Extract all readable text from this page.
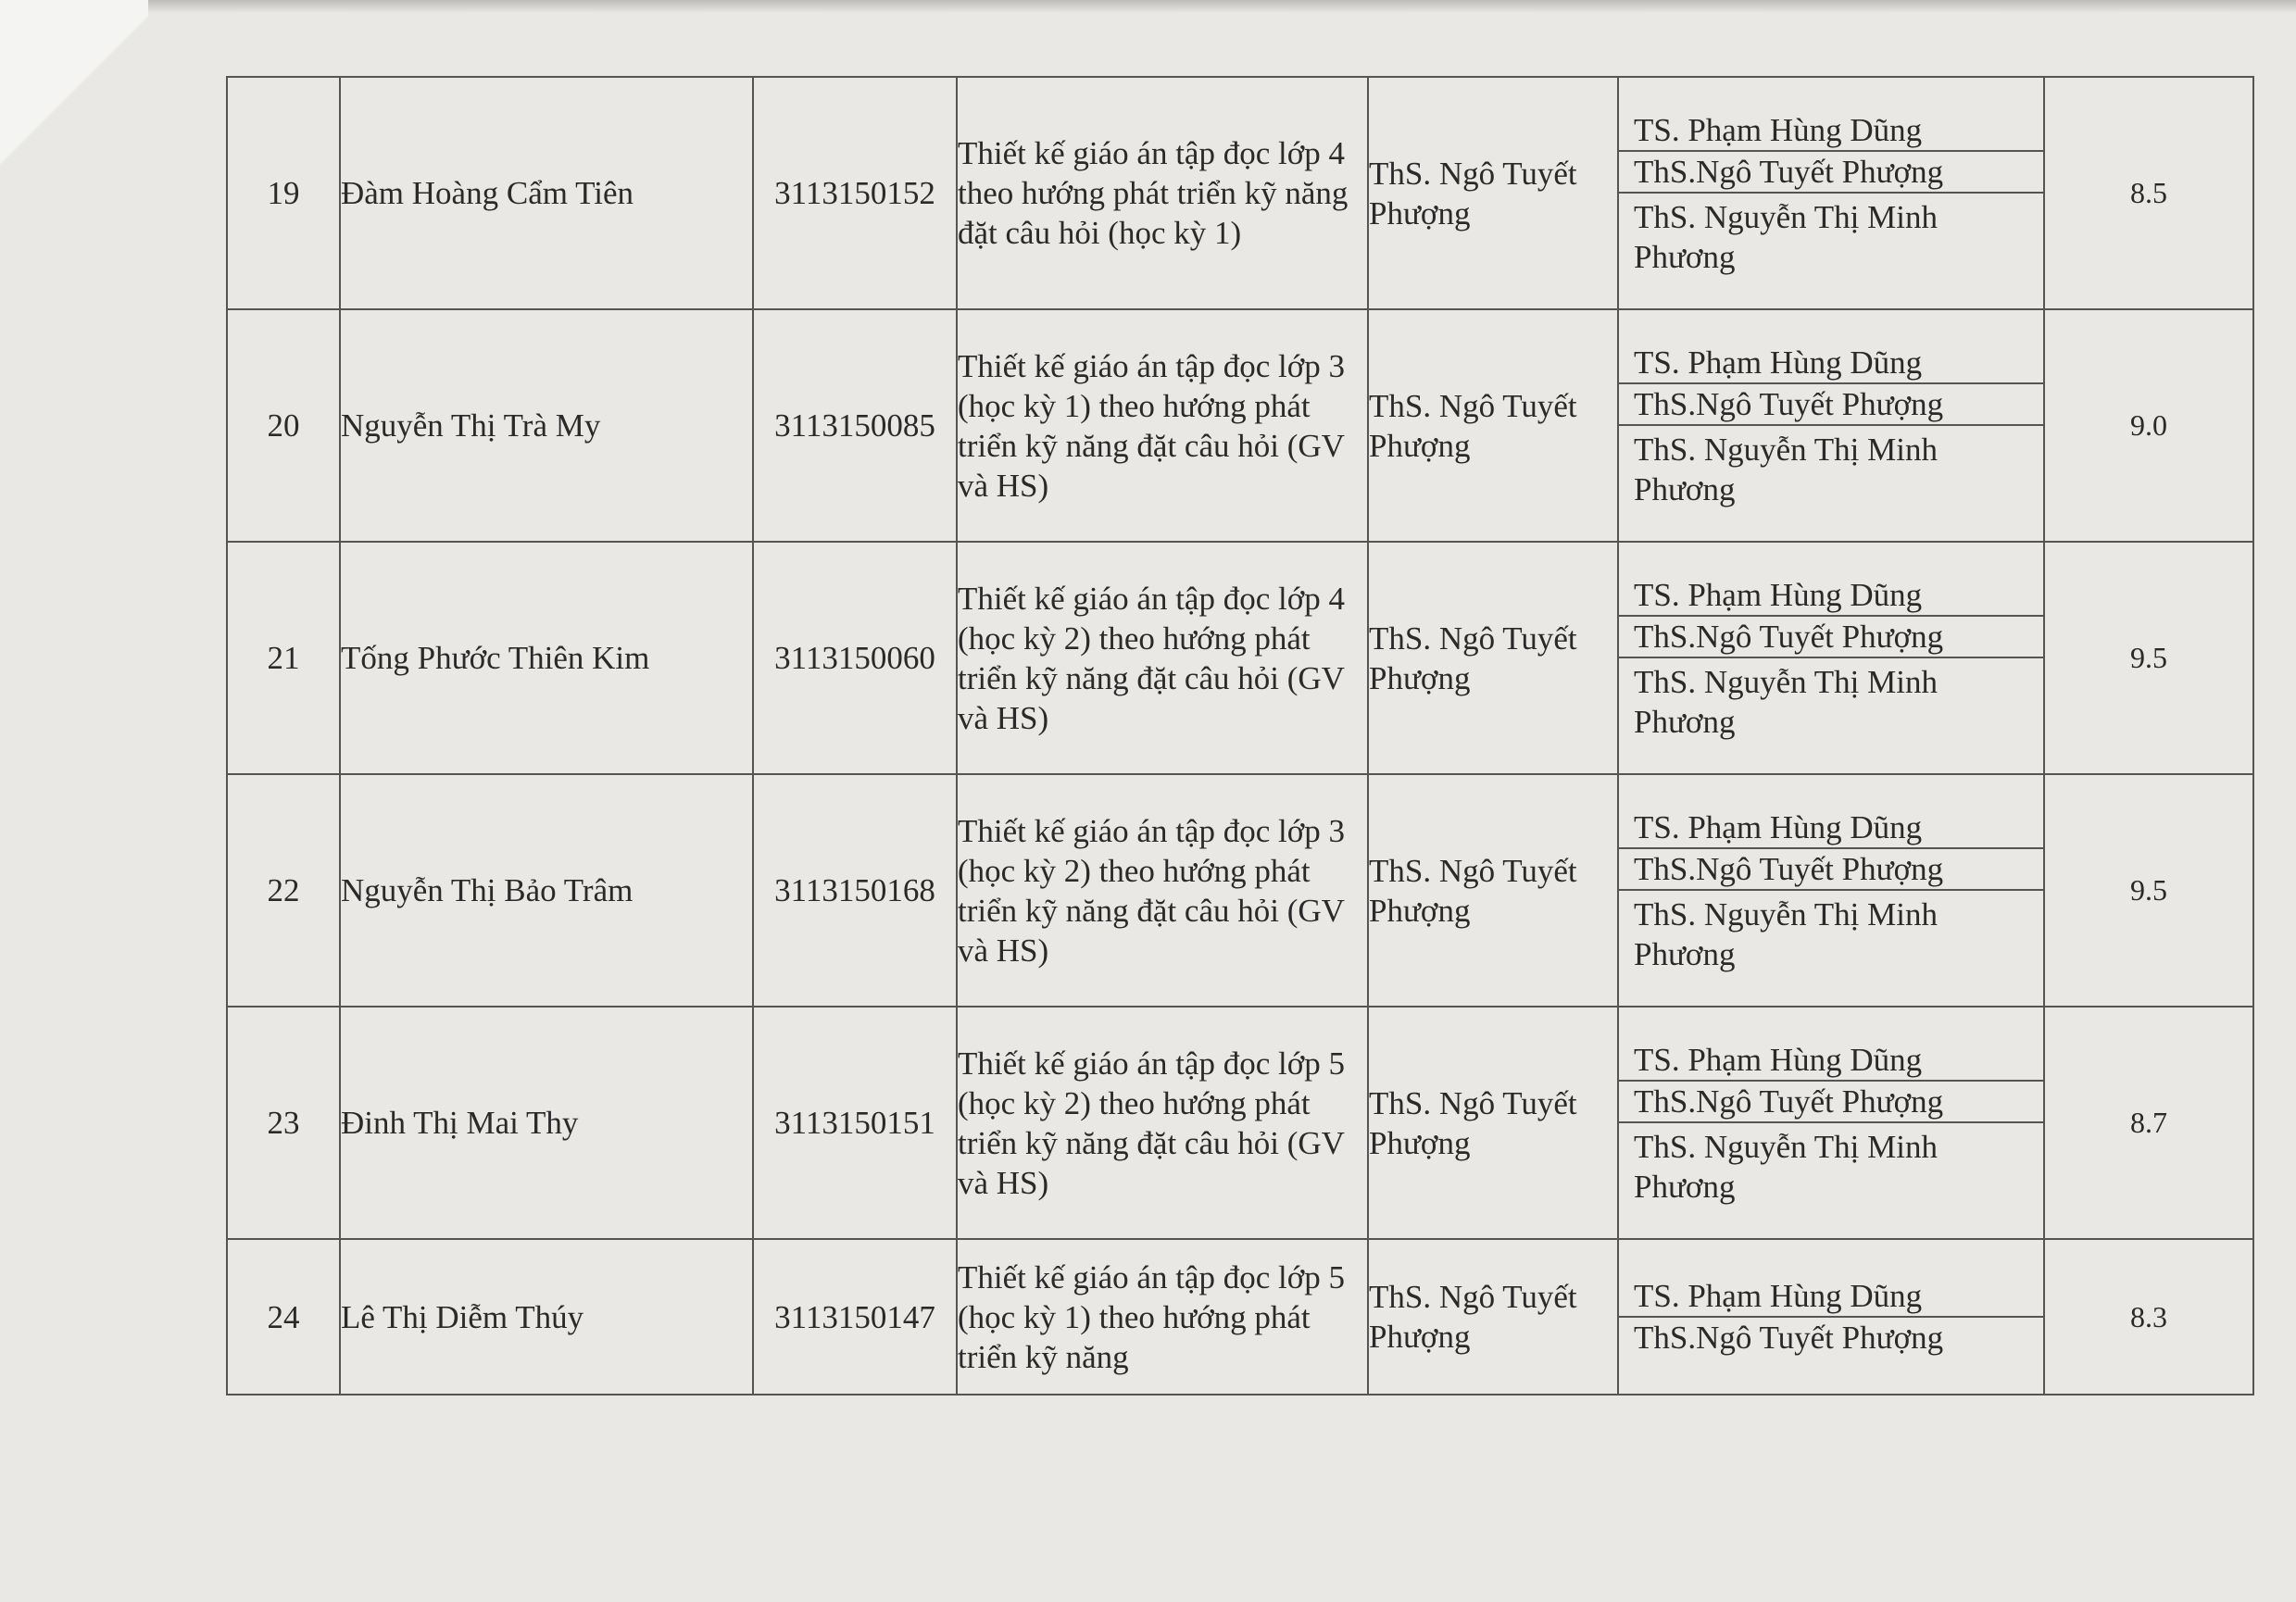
19	Đàm Hoàng Cẩm Tiên	3113150152	Thiết kế giáo án tập đọc lớp 4 theo hướng phát triển kỹ năng đặt câu hỏi (học kỳ 1)	ThS. Ngô Tuyết Phượng	TS. Phạm Hùng Dũng
ThS.Ngô Tuyết Phượng
ThS. Nguyễn Thị Minh Phương	8.5
20	Nguyễn Thị Trà My	3113150085	Thiết kế giáo án tập đọc lớp 3 (học kỳ 1) theo hướng phát triển kỹ năng đặt câu hỏi (GV và HS)	ThS. Ngô Tuyết Phượng	TS. Phạm Hùng Dũng
ThS.Ngô Tuyết Phượng
ThS. Nguyễn Thị Minh Phương	9.0
21	Tống Phước Thiên Kim	3113150060	Thiết kế giáo án tập đọc lớp 4 (học kỳ 2) theo hướng phát triển kỹ năng đặt câu hỏi (GV và HS)	ThS. Ngô Tuyết Phượng	TS. Phạm Hùng Dũng
ThS.Ngô Tuyết Phượng
ThS. Nguyễn Thị Minh Phương	9.5
22	Nguyễn Thị Bảo Trâm	3113150168	Thiết kế giáo án tập đọc lớp 3 (học kỳ 2) theo hướng phát triển kỹ năng đặt câu hỏi (GV và HS)	ThS. Ngô Tuyết Phượng	TS. Phạm Hùng Dũng
ThS.Ngô Tuyết Phượng
ThS. Nguyễn Thị Minh Phương	9.5
23	Đinh Thị Mai Thy	3113150151	Thiết kế giáo án tập đọc lớp 5 (học kỳ 2) theo hướng phát triển kỹ năng đặt câu hỏi (GV và HS)	ThS. Ngô Tuyết Phượng	TS. Phạm Hùng Dũng
ThS.Ngô Tuyết Phượng
ThS. Nguyễn Thị Minh Phương	8.7
24	Lê Thị Diễm Thúy	3113150147	Thiết kế giáo án tập đọc lớp 5 (học kỳ 1) theo hướng phát triển kỹ năng	ThS. Ngô Tuyết Phượng	TS. Phạm Hùng Dũng
ThS.Ngô Tuyết Phượng	8.3
